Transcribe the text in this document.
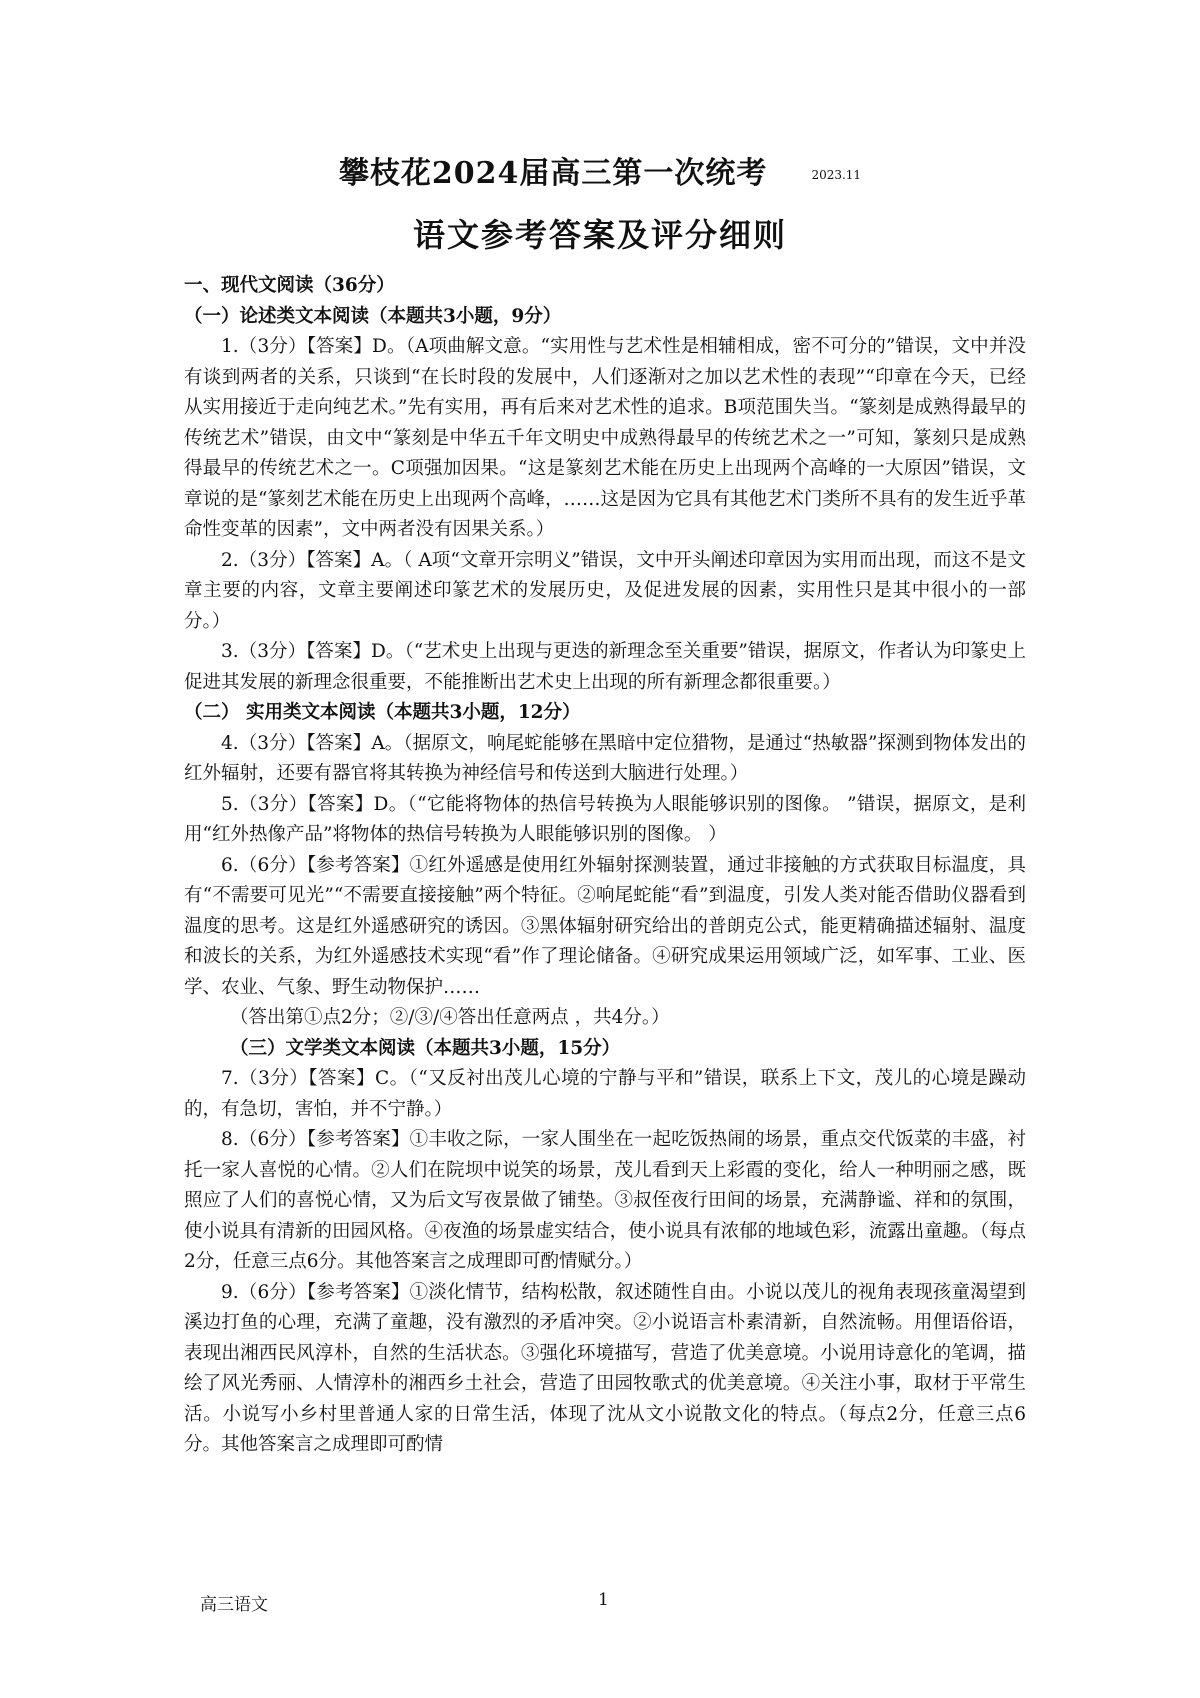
攀枝花2024届高三第一次统考	2023.11
语文参考答案及评分细则

一、现代文阅读（36分）

（一）论述类文本阅读（本题共3小题，9分）

1.（3分）【答案】D。（A项曲解文意。“实用性与艺术性是相辅相成，密不可分的”错误，文中并没有谈到两者的关系，只谈到“在长时段的发展中，人们逐渐对之加以艺术性的表现”“印章在今天，已经从实用接近于走向纯艺术。”先有实用，再有后来对艺术性的追求。B项范围失当。“篆刻是成熟得最早的传统艺术”错误，由文中“篆刻是中华五千年文明史中成熟得最早的传统艺术之一”可知，篆刻只是成熟得最早的传统艺术之一。C项强加因果。“这是篆刻艺术能在历史上出现两个高峰的一大原因”错误，文章说的是“篆刻艺术能在历史上出现两个高峰，……这是因为它具有其他艺术门类所不具有的发生近乎革命性变革的因素”，文中两者没有因果关系。）

2.（3分）【答案】A。（ A项“文章开宗明义”错误，文中开头阐述印章因为实用而出现，而这不是文章主要的内容，文章主要阐述印篆艺术的发展历史，及促进发展的因素，实用性只是其中很小的一部分。）

3.（3分）【答案】D。（“艺术史上出现与更迭的新理念至关重要”错误，据原文，作者认为印篆史上促进其发展的新理念很重要，不能推断出艺术史上出现的所有新理念都很重要。）

（二） 实用类文本阅读（本题共3小题，12分）

4.（3分）【答案】A。（据原文，响尾蛇能够在黑暗中定位猎物，是通过“热敏器”探测到物体发出的红外辐射，还要有器官将其转换为神经信号和传送到大脑进行处理。）

5.（3分）【答案】D。（“它能将物体的热信号转换为人眼能够识别的图像。 ”错误，据原文，是利用“红外热像产品”将物体的热信号转换为人眼能够识别的图像。 ）

6.（6分）【参考答案】①红外遥感是使用红外辐射探测装置，通过非接触的方式获取目标温度，具有“不需要可见光”“不需要直接接触”两个特征。②响尾蛇能“看”到温度，引发人类对能否借助仪器看到温度的思考。这是红外遥感研究的诱因。③黑体辐射研究给出的普朗克公式，能更精确描述辐射、温度和波长的关系，为红外遥感技术实现“看”作了理论储备。④研究成果运用领域广泛，如军事、工业、医学、农业、气象、野生动物保护……

（答出第①点2分；②/③/④答出任意两点 ，共4分。）

（三）文学类文本阅读（本题共3小题，15分）

7.（3分）【答案】C。（“又反衬出茂儿心境的宁静与平和”错误，联系上下文，茂儿的心境是躁动的，有急切，害怕，并不宁静。）

8.（6分）【参考答案】①丰收之际，一家人围坐在一起吃饭热闹的场景，重点交代饭菜的丰盛，衬托一家人喜悦的心情。②人们在院坝中说笑的场景，茂儿看到天上彩霞的变化，给人一种明丽之感，既照应了人们的喜悦心情，又为后文写夜景做了铺垫。③叔侄夜行田间的场景，充满静谧、祥和的氛围，使小说具有清新的田园风格。④夜渔的场景虚实结合，使小说具有浓郁的地域色彩，流露出童趣。（每点2分，任意三点6分。其他答案言之成理即可酌情赋分。）

9.（6分）【参考答案】①淡化情节，结构松散，叙述随性自由。小说以茂儿的视角表现孩童渴望到溪边打鱼的心理，充满了童趣，没有激烈的矛盾冲突。②小说语言朴素清新，自然流畅。用俚语俗语，表现出湘西民风淳朴，自然的生活状态。③强化环境描写，营造了优美意境。小说用诗意化的笔调，描绘了风光秀丽、人情淳朴的湘西乡土社会，营造了田园牧歌式的优美意境。④关注小事，取材于平常生活。小说写小乡村里普通人家的日常生活，体现了沈从文小说散文化的特点。（每点2分，任意三点6分。其他答案言之成理即可酌情

高三语文	1
